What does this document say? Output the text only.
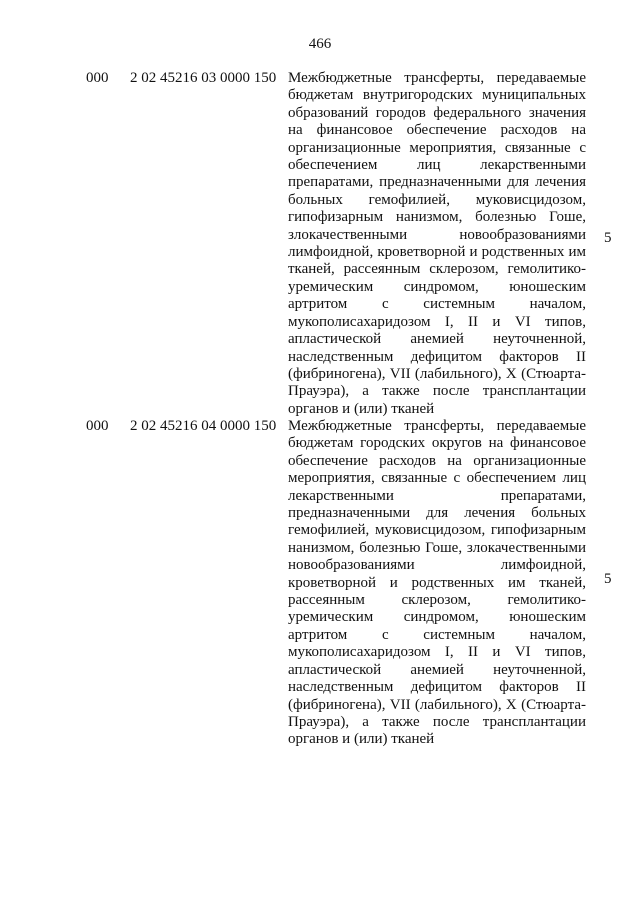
466
000 2 02 45216 03 0000 150 Межбюджетные трансферты, передаваемые
бюджетам внутригородских муниципальных
образований городов федерального значения
на финансовое обеспечение расходов на
организационные мероприятия, связанные с
обеспечением лиц лекарственными
препаратами, предназначенными для лечения
больных гемофилией, муковисцидозом,
гипофизарным нанизмом, болезнью Гоше,
злокачественными новообразованиями
лимфоидной, кроветворной и родственных им
тканей, рассеянным склерозом, гемолитико-
уремическим синдромом, юношеским
артритом с системным началом,
мукополисахаридозом I, II и VI типов,
апластической анемией неуточненной,
наследственным дефицитом факторов II
(фибриногена), VII (лабильного), X (Стюарта-
Прауэра), а также после трансплантации
органов и (или) тканей
5
000 2 02 45216 04 0000 150 Межбюджетные трансферты, передаваемые
бюджетам городских округов на финансовое
обеспечение расходов на организационные
мероприятия, связанные с обеспечением лиц
лекарственными препаратами,
предназначенными для лечения больных
гемофилией, муковисцидозом, гипофизарным
нанизмом, болезнью Гоше, злокачественными
новообразованиями лимфоидной,
кроветворной и родственных им тканей,
рассеянным склерозом, гемолитико-
уремическим синдромом, юношеским
артритом с системным началом,
мукополисахаридозом I, II и VI типов,
апластической анемией неуточненной,
наследственным дефицитом факторов II
(фибриногена), VII (лабильного), X (Стюарта-
Прауэра), а также после трансплантации
органов и (или) тканей
5
